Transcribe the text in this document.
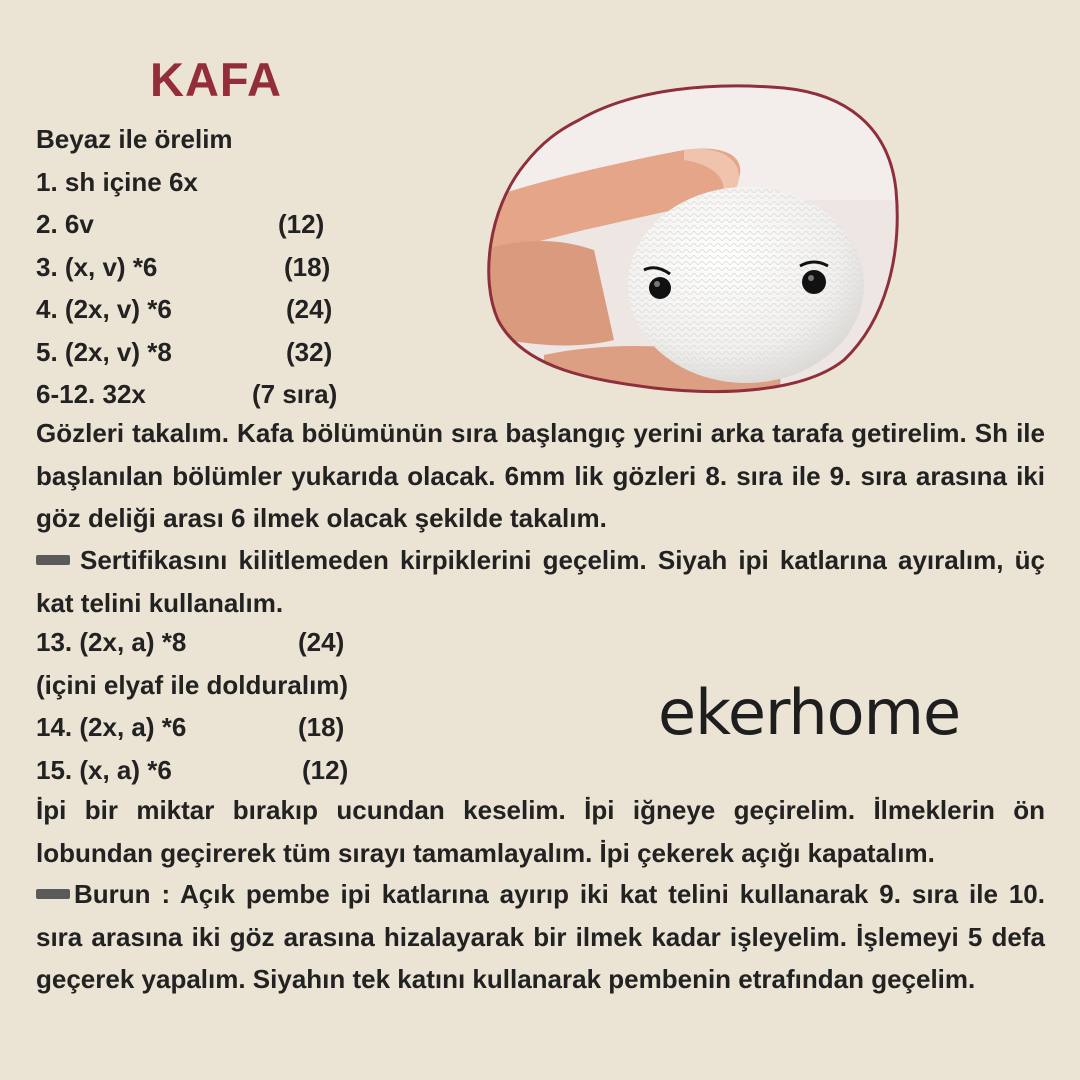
KAFA
Beyaz ile örelim
1. sh içine 6x
2. 6v	(12)
3. (x, v) *6	(18)
4. (2x, v) *6	(24)
5. (2x, v) *8	(32)
6-12. 32x	(7 sıra)
Gözleri takalım. Kafa bölümünün sıra başlangıç yerini arka tarafa getirelim. Sh ile başlanılan bölümler yukarıda olacak. 6mm lik gözleri 8. sıra ile 9. sıra arasına iki göz deliği arası 6 ilmek olacak şekilde takalım.
Sertifikasını kilitlemeden kirpiklerini geçelim. Siyah ipi katlarına ayıralım, üç kat telini kullanalım.
13. (2x, a) *8	(24)
(içini elyaf ile dolduralım)
14. (2x, a) *6	(18)
15. (x, a) *6	(12)
ekerhome
İpi bir miktar bırakıp ucundan keselim. İpi iğneye geçirelim. İlmeklerin ön lobundan geçirerek tüm sırayı tamamlayalım. İpi çekerek açığı kapatalım.
Burun : Açık pembe ipi katlarına ayırıp iki kat telini kullanarak 9. sıra ile 10. sıra arasına iki göz arasına hizalayarak bir ilmek kadar işleyelim. İşlemeyi 5 defa geçerek yapalım. Siyahın tek katını kullanarak pembenin etrafından geçelim.
